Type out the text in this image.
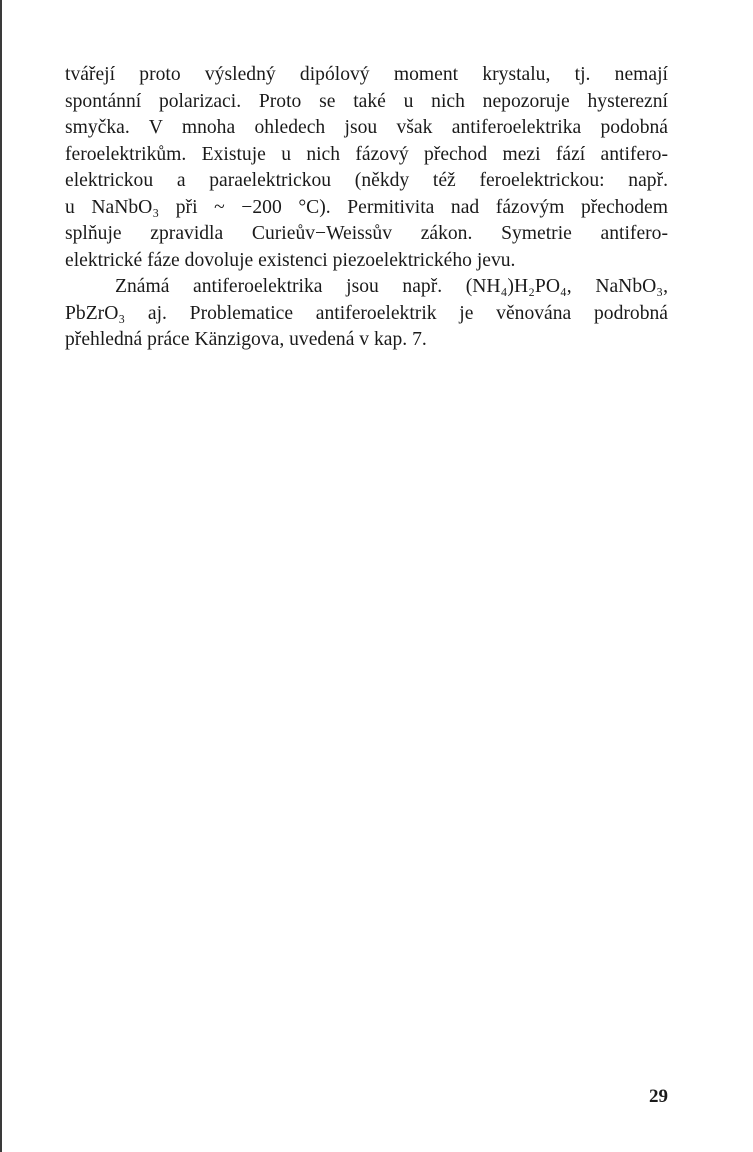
tvářejí proto výsledný dipólový moment krystalu, tj. nemají
spontánní polarizaci. Proto se také u nich nepozoruje hysterezní
smyčka. V mnoha ohledech jsou však antiferoelektrika podobná
feroelektrikům. Existuje u nich fázový přechod mezi fází antifero-
elektrickou a paraelektrickou (někdy též feroelektrickou: např.
u NaNbO₃ při ~ −200 °C). Permitivita nad fázovým přechodem
splňuje zpravidla Curieův−Weissův zákon. Symetrie antifero-
elektrické fáze dovoluje existenci piezoelektrického jevu.

Známá antiferoelektrika jsou např. (NH₄)H₂PO₄, NaNbO₃,
PbZrO₃ aj. Problematice antiferoelektrik je věnována podrobná
přehledná práce Känzigova, uvedená v kap. 7.

29
